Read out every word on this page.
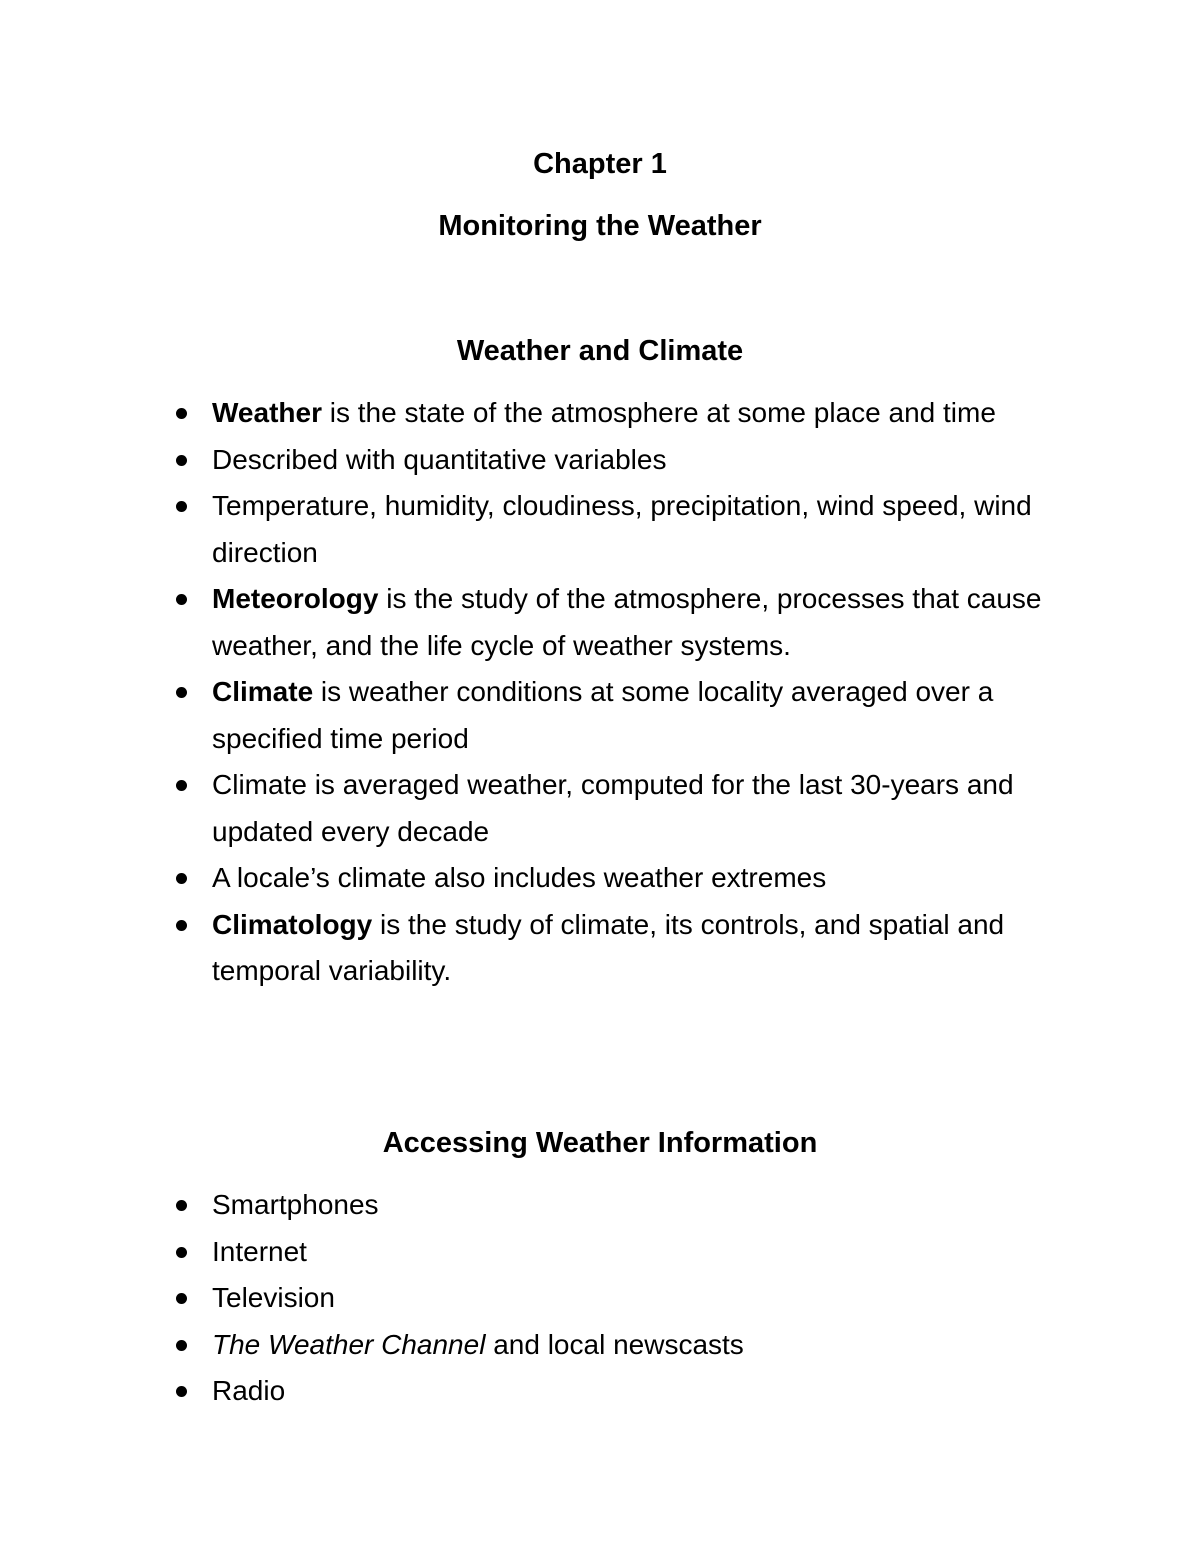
Chapter 1
Monitoring the Weather
Weather and Climate
Weather is the state of the atmosphere at some place and time
Described with quantitative variables
Temperature, humidity, cloudiness, precipitation, wind speed, wind direction
Meteorology is the study of the atmosphere, processes that cause weather, and the life cycle of weather systems.
Climate is weather conditions at some locality averaged over a specified time period
Climate is averaged weather, computed for the last 30-years and updated every decade
A locale’s climate also includes weather extremes
Climatology is the study of climate, its controls, and spatial and temporal variability.
Accessing Weather Information
Smartphones
Internet
Television
The Weather Channel and local newscasts
Radio
